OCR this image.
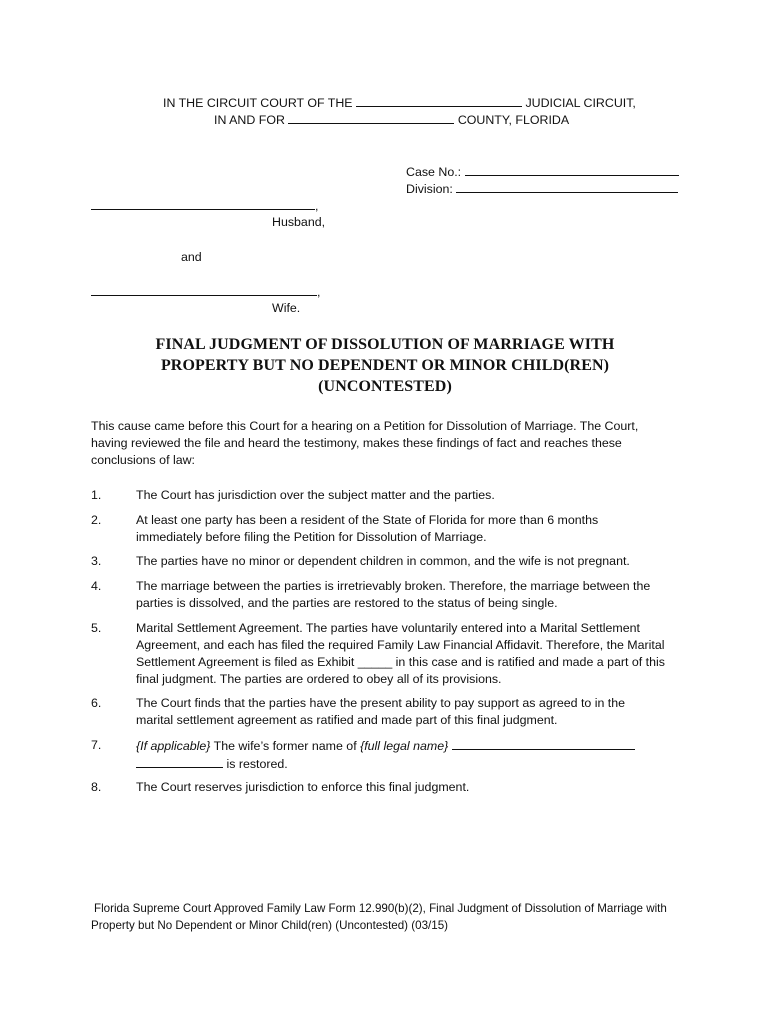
IN THE CIRCUIT COURT OF THE	JUDICIAL CIRCUIT,
IN AND FOR	COUNTY, FLORIDA
Case No.:
Division:
,
Husband,
and
,
Wife.
FINAL JUDGMENT OF DISSOLUTION OF MARRIAGE WITH
PROPERTY BUT NO DEPENDENT OR MINOR CHILD(REN)
(UNCONTESTED)
This cause came before this Court for a hearing on a Petition for Dissolution of Marriage. The Court,
having reviewed the file and heard the testimony, makes these findings of fact and reaches these
conclusions of law:
1.	The Court has jurisdiction over the subject matter and the parties.
2.	At least one party has been a resident of the State of Florida for more than 6 months
immediately before filing the Petition for Dissolution of Marriage.
3.	The parties have no minor or dependent children in common, and the wife is not pregnant.
4.	The marriage between the parties is irretrievably broken. Therefore, the marriage between the
parties is dissolved, and the parties are restored to the status of being single.
5.	Marital Settlement Agreement. The parties have voluntarily entered into a Marital Settlement
Agreement, and each has filed the required Family Law Financial Affidavit. Therefore, the Marital
Settlement Agreement is filed as Exhibit _____ in this case and is ratified and made a part of this
final judgment. The parties are ordered to obey all of its provisions.
6.	The Court finds that the parties have the present ability to pay support as agreed to in the
marital settlement agreement as ratified and made part of this final judgment.
7.	{If applicable} The wife’s former name of {full legal name}
is restored.
8.	The Court reserves jurisdiction to enforce this final judgment.
Florida Supreme Court Approved Family Law Form 12.990(b)(2), Final Judgment of Dissolution of Marriage with
Property but No Dependent or Minor Child(ren) (Uncontested) (03/15)
